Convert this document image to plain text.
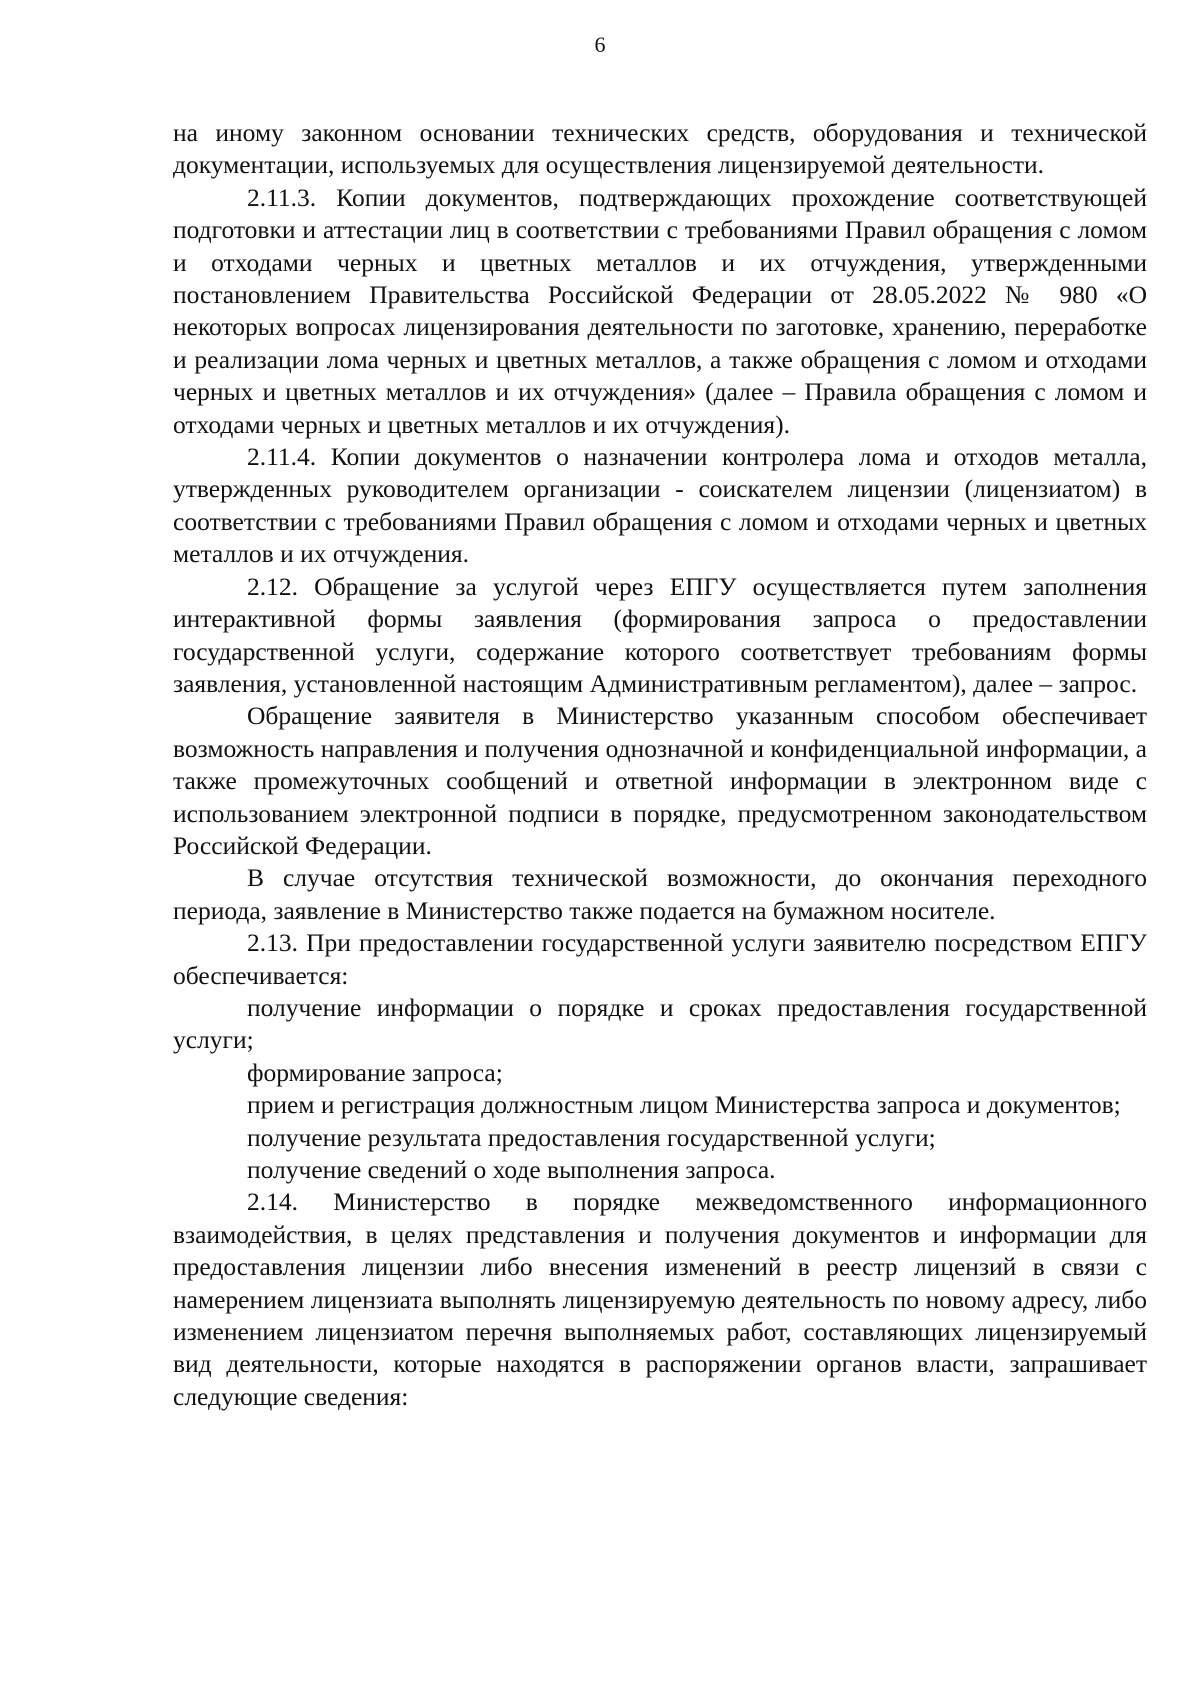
6

на иному законном основании технических средств, оборудования и технической документации, используемых для осуществления лицензируемой деятельности.

2.11.3. Копии документов, подтверждающих прохождение соответствующей подготовки и аттестации лиц в соответствии с требованиями Правил обращения с ломом и отходами черных и цветных металлов и их отчуждения, утвержденными постановлением Правительства Российской Федерации от 28.05.2022 № 980 «О некоторых вопросах лицензирования деятельности по заготовке, хранению, переработке и реализации лома черных и цветных металлов, а также обращения с ломом и отходами черных и цветных металлов и их отчуждения» (далее – Правила обращения с ломом и отходами черных и цветных металлов и их отчуждения).

2.11.4. Копии документов о назначении контролера лома и отходов металла, утвержденных руководителем организации - соискателем лицензии (лицензиатом) в соответствии с требованиями Правил обращения с ломом и отходами черных и цветных металлов и их отчуждения.

2.12. Обращение за услугой через ЕПГУ осуществляется путем заполнения интерактивной формы заявления (формирования запроса о предоставлении государственной услуги, содержание которого соответствует требованиям формы заявления, установленной настоящим Административным регламентом), далее – запрос.

Обращение заявителя в Министерство указанным способом обеспечивает возможность направления и получения однозначной и конфиденциальной информации, а также промежуточных сообщений и ответной информации в электронном виде с использованием электронной подписи в порядке, предусмотренном законодательством Российской Федерации.

В случае отсутствия технической возможности, до окончания переходного периода, заявление в Министерство также подается на бумажном носителе.

2.13. При предоставлении государственной услуги заявителю посредством ЕПГУ обеспечивается:

получение информации о порядке и сроках предоставления государственной услуги;

формирование запроса;

прием и регистрация должностным лицом Министерства запроса и документов;

получение результата предоставления государственной услуги;

получение сведений о ходе выполнения запроса.

2.14. Министерство в порядке межведомственного информационного взаимодействия, в целях представления и получения документов и информации для предоставления лицензии либо внесения изменений в реестр лицензий в связи с намерением лицензиата выполнять лицензируемую деятельность по новому адресу, либо изменением лицензиатом перечня выполняемых работ, составляющих лицензируемый вид деятельности, которые находятся в распоряжении органов власти, запрашивает следующие сведения:
